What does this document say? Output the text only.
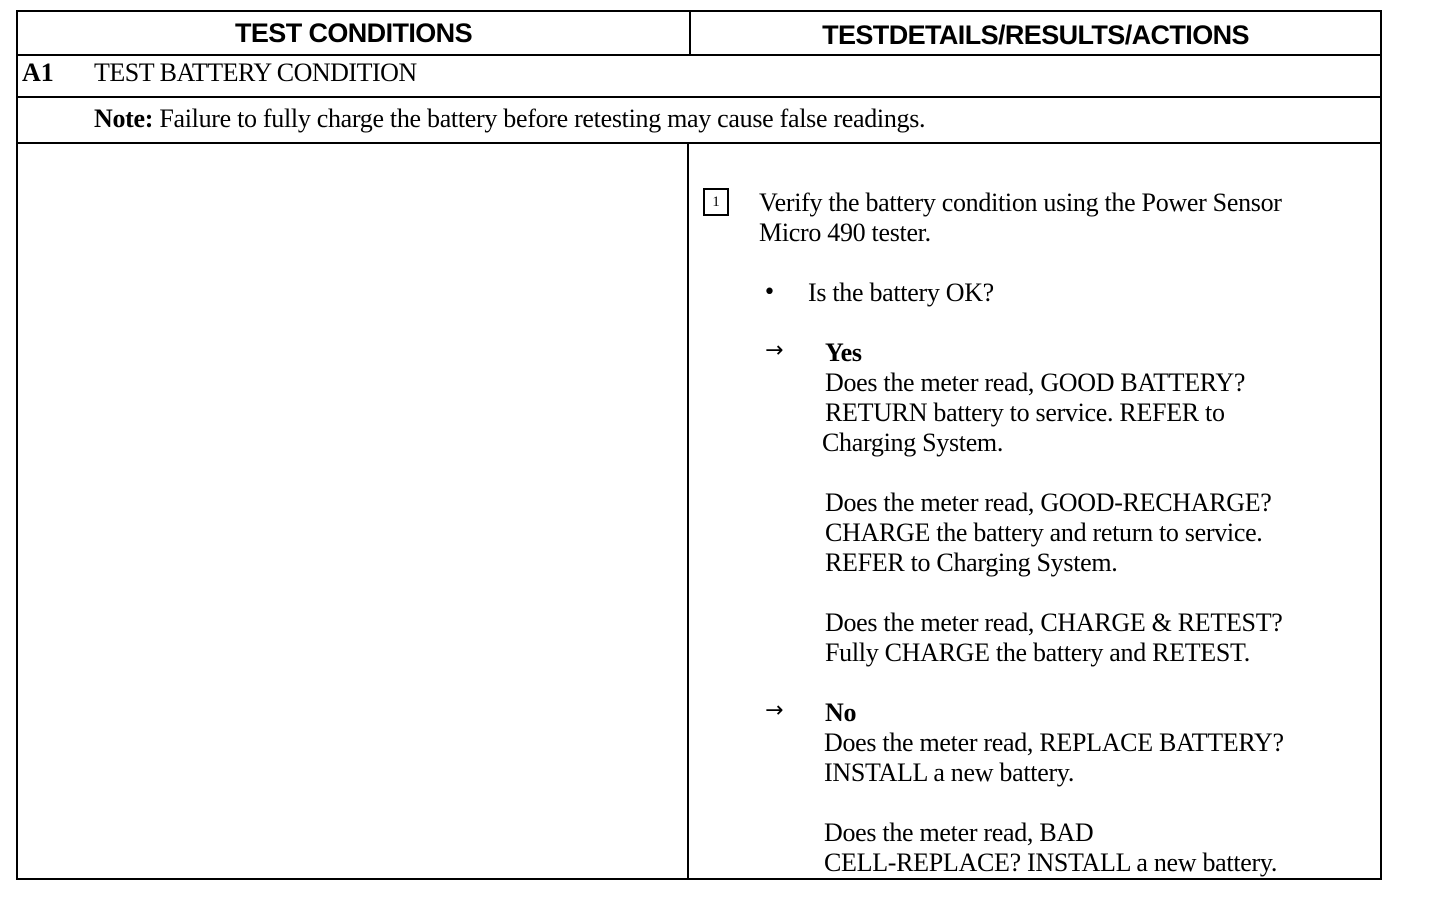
TEST CONDITIONS	TESTDETAILS/RESULTS/ACTIONS
A1 TEST BATTERY CONDITION
Note: Failure to fully charge the battery before retesting may cause false readings.
1	Verify the battery condition using the Power Sensor
Micro 490 tester.
• Is the battery OK?
→ Yes
Does the meter read, GOOD BATTERY?
RETURN battery to service. REFER to
Charging System.
Does the meter read, GOOD-RECHARGE?
CHARGE the battery and return to service.
REFER to Charging System.
Does the meter read, CHARGE & RETEST?
Fully CHARGE the battery and RETEST.
→ No
Does the meter read, REPLACE BATTERY?
INSTALL a new battery.
Does the meter read, BAD
CELL-REPLACE? INSTALL a new battery.
